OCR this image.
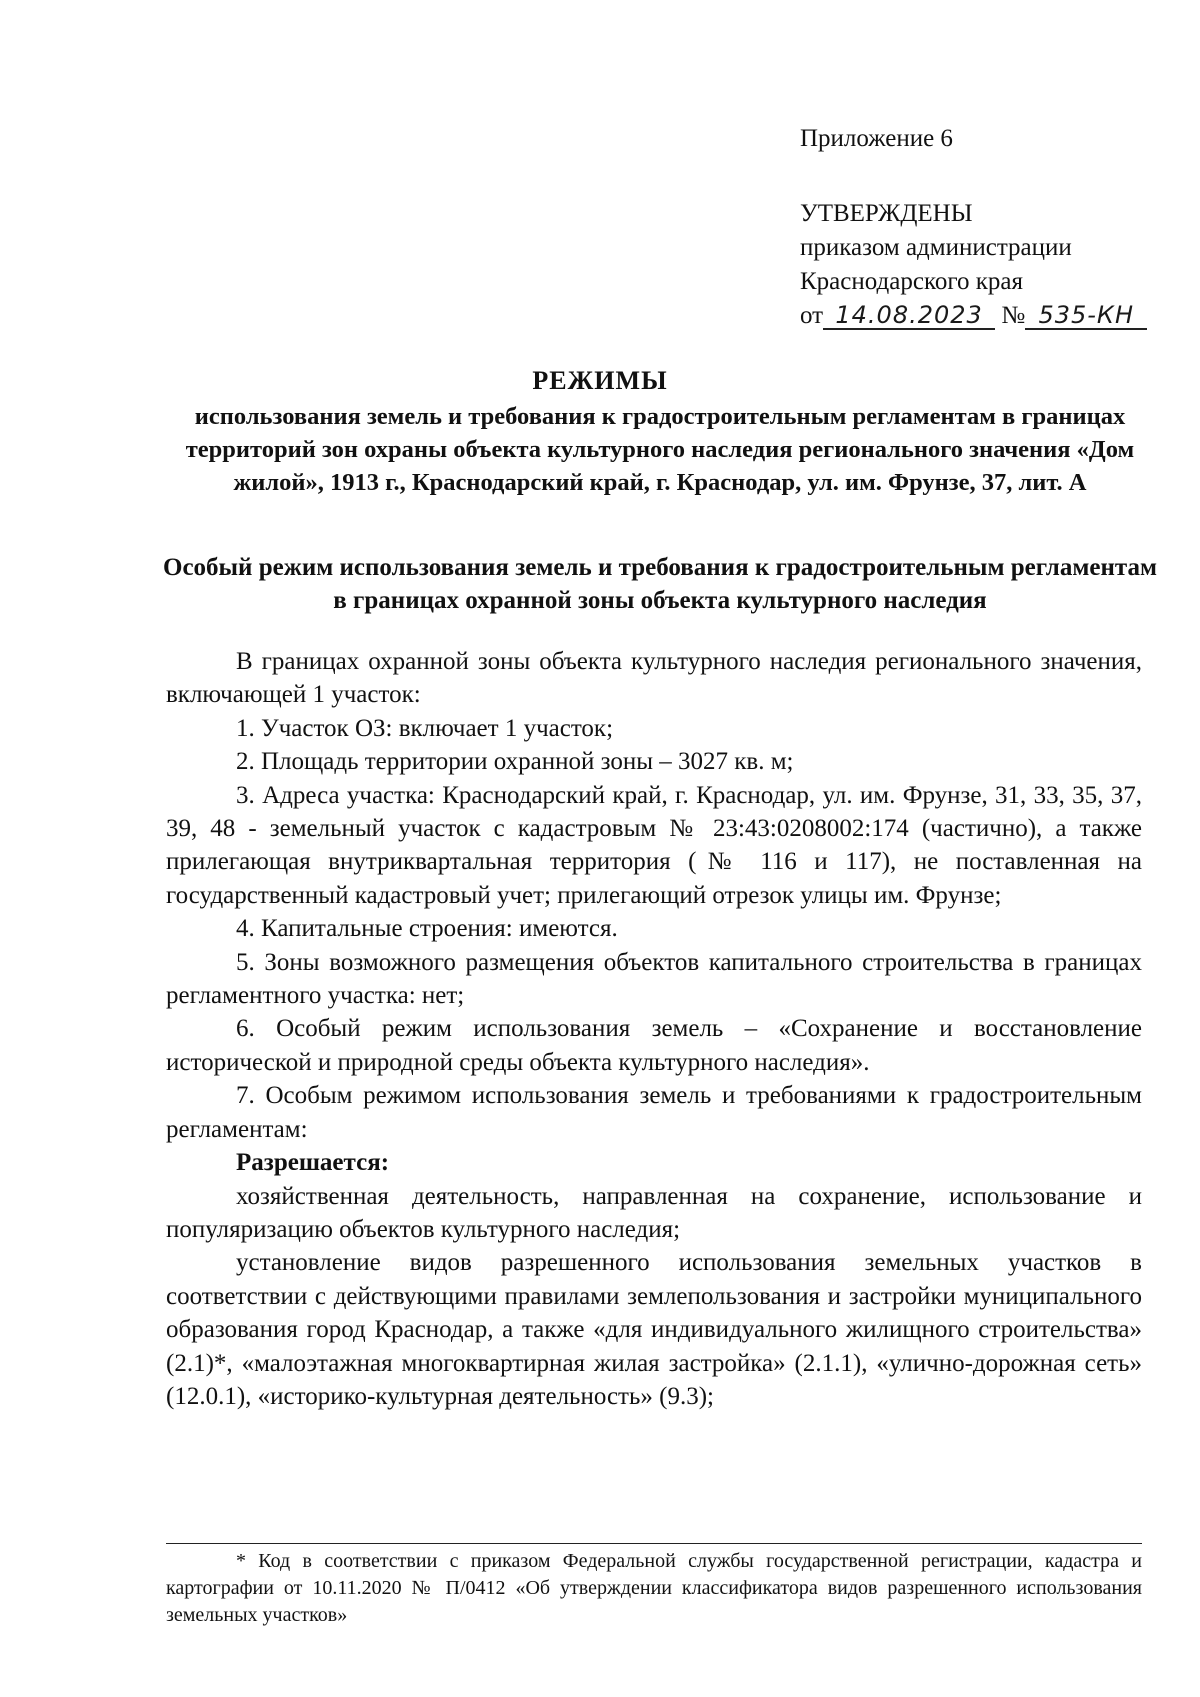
Приложение 6
УТВЕРЖДЕНЫ
приказом администрации
Краснодарского края
от 14.08.2023 № 535-КН
РЕЖИМЫ
использования земель и требования к градостроительным регламентам в границах территорий зон охраны объекта культурного наследия регионального значения «Дом жилой», 1913 г., Краснодарский край, г. Краснодар, ул. им. Фрунзе, 37, лит. А
Особый режим использования земель и требования к градостроительным регламентам в границах охранной зоны объекта культурного наследия

В границах охранной зоны объекта культурного наследия регионального значения, включающей 1 участок:

1. Участок ОЗ: включает 1 участок;

2. Площадь территории охранной зоны – 3027 кв. м;

3. Адреса участка: Краснодарский край, г. Краснодар, ул. им. Фрунзе, 31, 33, 35, 37, 39, 48 - земельный участок с кадастровым № 23:43:0208002:174 (частично), а также прилегающая внутриквартальная территория (№ 116 и 117), не поставленная на государственный кадастровый учет; прилегающий отрезок улицы им. Фрунзе;

4. Капитальные строения: имеются.

5. Зоны возможного размещения объектов капитального строительства в границах регламентного участка: нет;

6. Особый режим использования земель – «Сохранение и восстановление исторической и природной среды объекта культурного наследия».

7. Особым режимом использования земель и требованиями к градостроительным регламентам:

Разрешается:

хозяйственная деятельность, направленная на сохранение, использование и популяризацию объектов культурного наследия;

установление видов разрешенного использования земельных участков в соответствии с действующими правилами землепользования и застройки муниципального образования город Краснодар, а также «для индивидуального жилищного строительства» (2.1)*, «малоэтажная многоквартирная жилая застройка» (2.1.1), «улично-дорожная сеть» (12.0.1), «историко-культурная деятельность» (9.3);

* Код в соответствии с приказом Федеральной службы государственной регистрации, кадастра и картографии от 10.11.2020 № П/0412 «Об утверждении классификатора видов разрешенного использования земельных участков»
